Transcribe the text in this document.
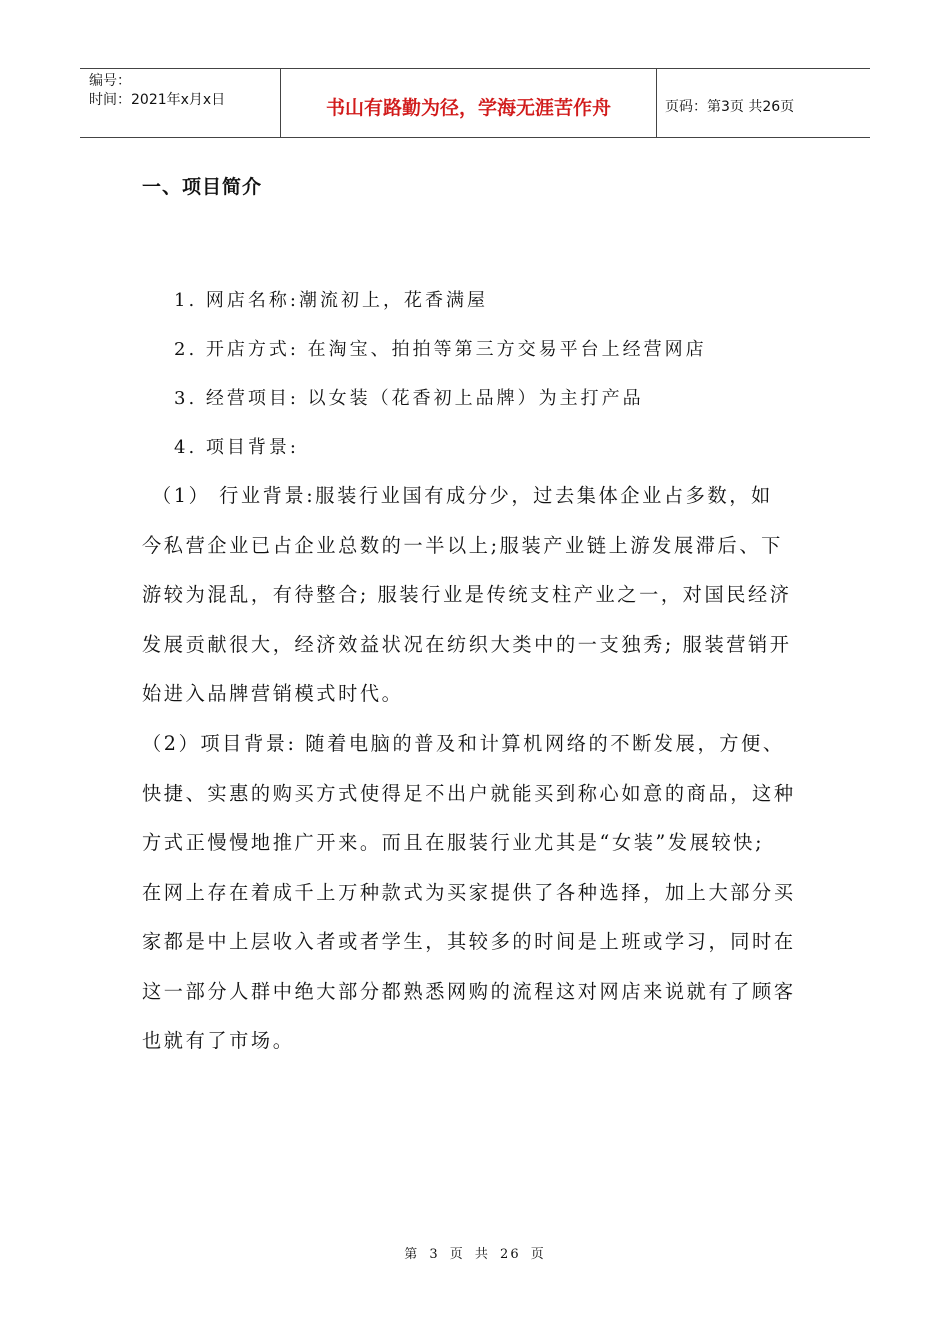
编号：
时间：2021年x月x日	书山有路勤为径，学海无涯苦作舟	页码：第3页 共26页
一、项目简介
1. 网店名称:潮流初上，花香满屋
2. 开店方式: 在淘宝、拍拍等第三方交易平台上经营网店
3. 经营项目: 以女装（花香初上品牌）为主打产品
4. 项目背景:
（1） 行业背景:服装行业国有成分少，过去集体企业占多数，如
今私营企业已占企业总数的一半以上;服装产业链上游发展滞后、下
游较为混乱，有待整合; 服装行业是传统支柱产业之一，对国民经济
发展贡献很大，经济效益状况在纺织大类中的一支独秀; 服装营销开
始进入品牌营销模式时代。
（2）项目背景: 随着电脑的普及和计算机网络的不断发展，方便、
快捷、实惠的购买方式使得足不出户就能买到称心如意的商品，这种
方式正慢慢地推广开来。而且在服装行业尤其是“女装”发展较快;
在网上存在着成千上万种款式为买家提供了各种选择，加上大部分买
家都是中上层收入者或者学生，其较多的时间是上班或学习，同时在
这一部分人群中绝大部分都熟悉网购的流程这对网店来说就有了顾客
也就有了市场。
第 3 页 共 26 页
